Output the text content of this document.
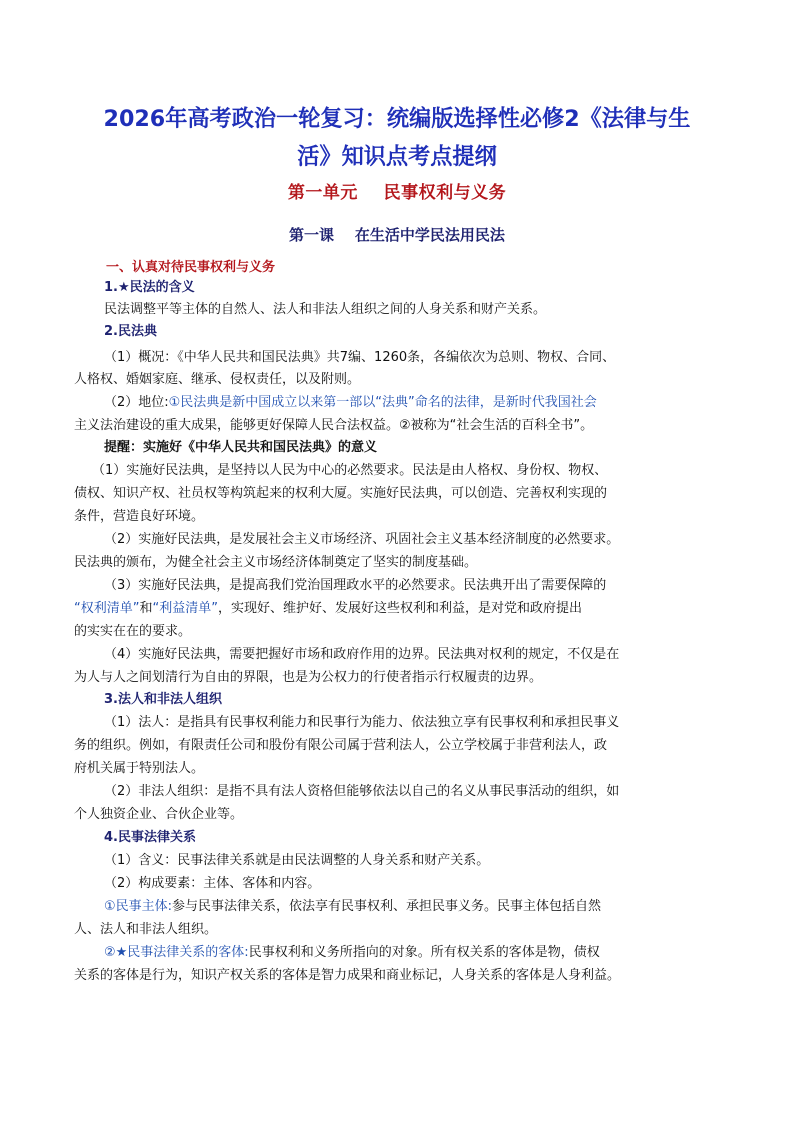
2026年高考政治一轮复习：统编版选择性必修2《法律与生
活》知识点考点提纲
第一单元    民事权利与义务
第一课    在生活中学民法用民法
一、认真对待民事权利与义务
1.★民法的含义
民法调整平等主体的自然人、法人和非法人组织之间的人身关系和财产关系。
2.民法典
（1）概况：《中华人民共和国民法典》共7编、1260条，各编依次为总则、物权、合同、
人格权、婚姻家庭、继承、侵权责任，以及附则。
（2）地位:①民法典是新中国成立以来第一部以“法典”命名的法律，是新时代我国社会
主义法治建设的重大成果，能够更好保障人民合法权益。②被称为“社会生活的百科全书”。
提醒：实施好《中华人民共和国民法典》的意义
（1）实施好民法典，是坚持以人民为中心的必然要求。民法是由人格权、身份权、物权、
债权、知识产权、社员权等构筑起来的权利大厦。实施好民法典，可以创造、完善权利实现的
条件，营造良好环境。
（2）实施好民法典，是发展社会主义市场经济、巩固社会主义基本经济制度的必然要求。
民法典的颁布，为健全社会主义市场经济体制奠定了坚实的制度基础。
（3）实施好民法典，是提高我们党治国理政水平的必然要求。民法典开出了需要保障的
“权利清单”和“利益清单”，实现好、维护好、发展好这些权利和利益，是对党和政府提出
的实实在在的要求。
（4）实施好民法典，需要把握好市场和政府作用的边界。民法典对权利的规定，不仅是在
为人与人之间划清行为自由的界限，也是为公权力的行使者指示行权履责的边界。
3.法人和非法人组织
（1）法人：是指具有民事权利能力和民事行为能力、依法独立享有民事权利和承担民事义
务的组织。例如，有限责任公司和股份有限公司属于营利法人，公立学校属于非营利法人，政
府机关属于特别法人。
（2）非法人组织：是指不具有法人资格但能够依法以自己的名义从事民事活动的组织，如
个人独资企业、合伙企业等。
4.民事法律关系
（1）含义：民事法律关系就是由民法调整的人身关系和财产关系。
（2）构成要素：主体、客体和内容。
①民事主体:参与民事法律关系，依法享有民事权利、承担民事义务。民事主体包括自然
人、法人和非法人组织。
②★民事法律关系的客体:民事权利和义务所指向的对象。所有权关系的客体是物，债权
关系的客体是行为，知识产权关系的客体是智力成果和商业标记，人身关系的客体是人身利益。
